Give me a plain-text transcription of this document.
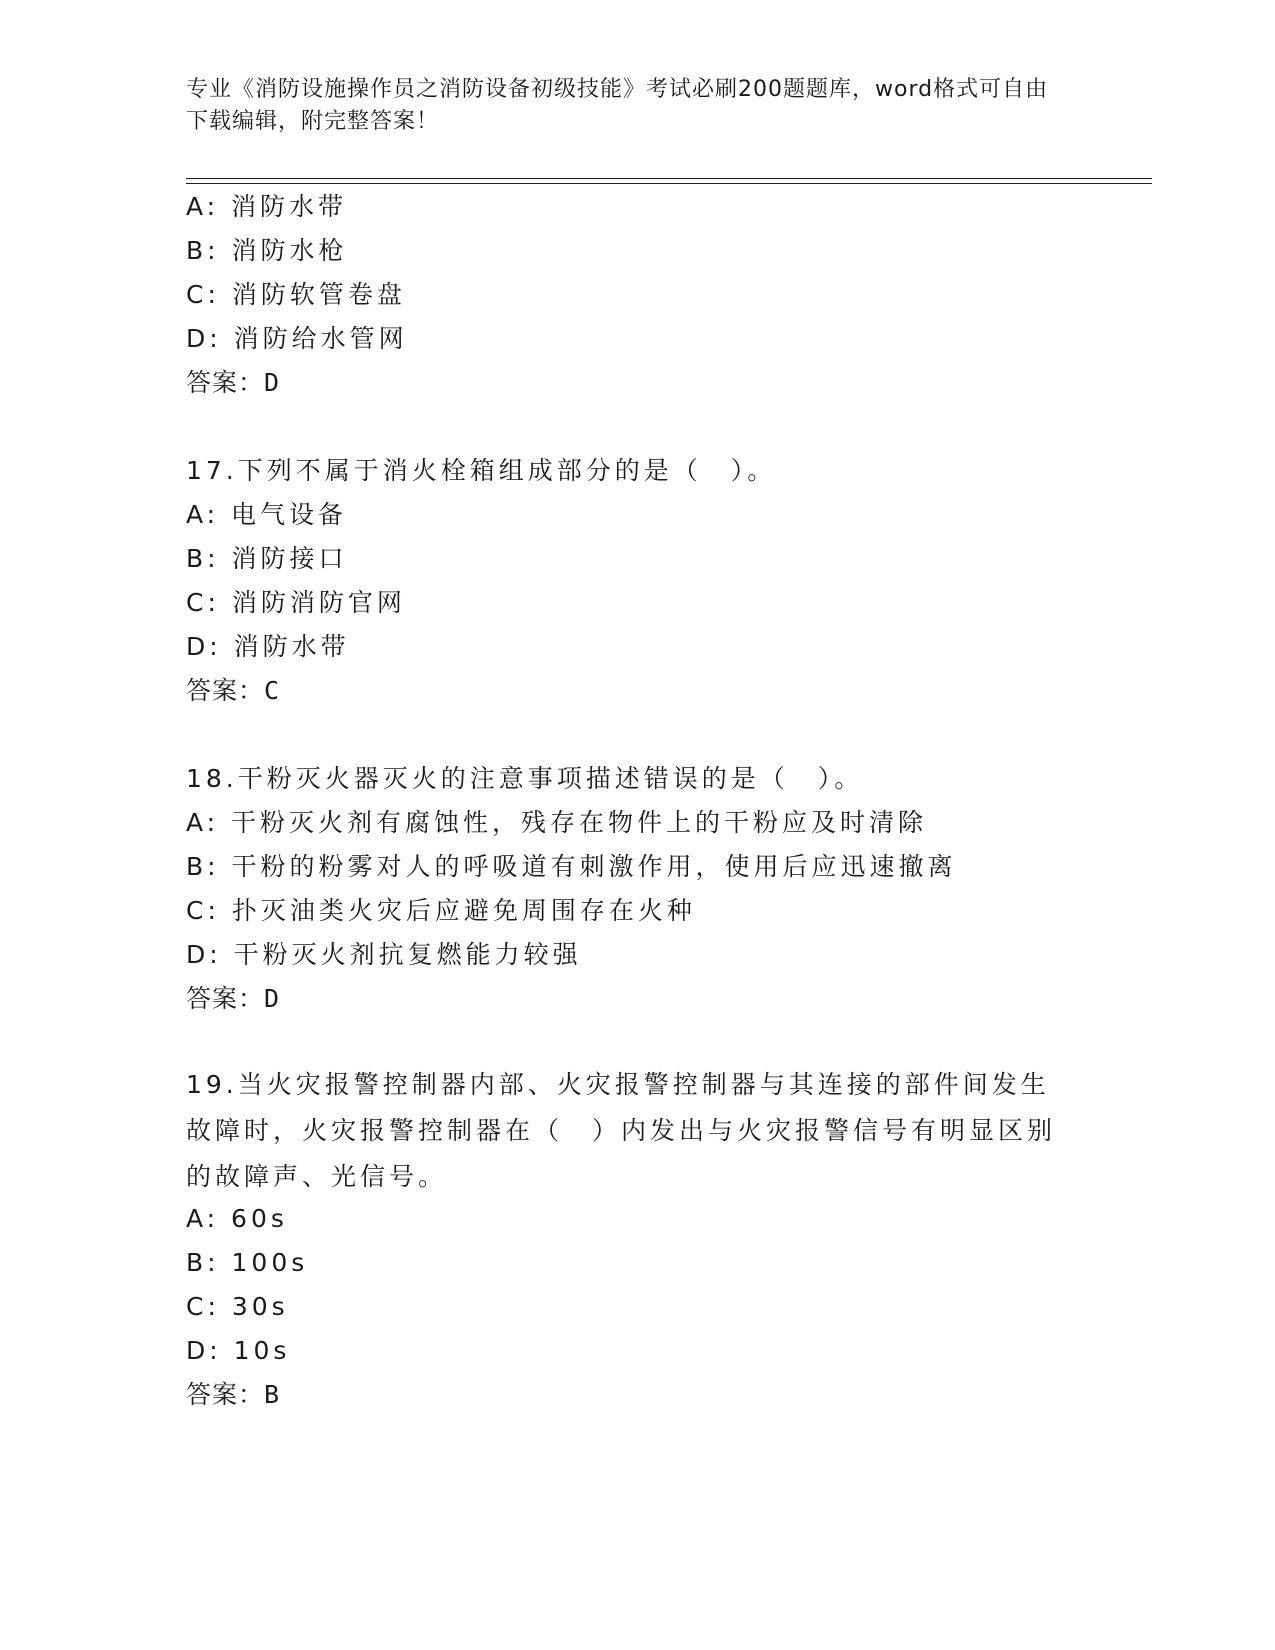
专业《消防设施操作员之消防设备初级技能》考试必刷200题题库，word格式可自由下载编辑，附完整答案！
A: 消防水带
B: 消防水枪
C: 消防软管卷盘
D: 消防给水管网
答案：D
17.下列不属于消火栓箱组成部分的是（　）。
A: 电气设备
B: 消防接口
C: 消防消防官网
D: 消防水带
答案：C
18.干粉灭火器灭火的注意事项描述错误的是（　）。
A: 干粉灭火剂有腐蚀性，残存在物件上的干粉应及时清除
B: 干粉的粉雾对人的呼吸道有刺激作用，使用后应迅速撤离
C: 扑灭油类火灾后应避免周围存在火种
D: 干粉灭火剂抗复燃能力较强
答案：D
19.当火灾报警控制器内部、火灾报警控制器与其连接的部件间发生故障时，火灾报警控制器在（　）内发出与火灾报警信号有明显区别的故障声、光信号。
A: 60s
B: 100s
C: 30s
D: 10s
答案：B
